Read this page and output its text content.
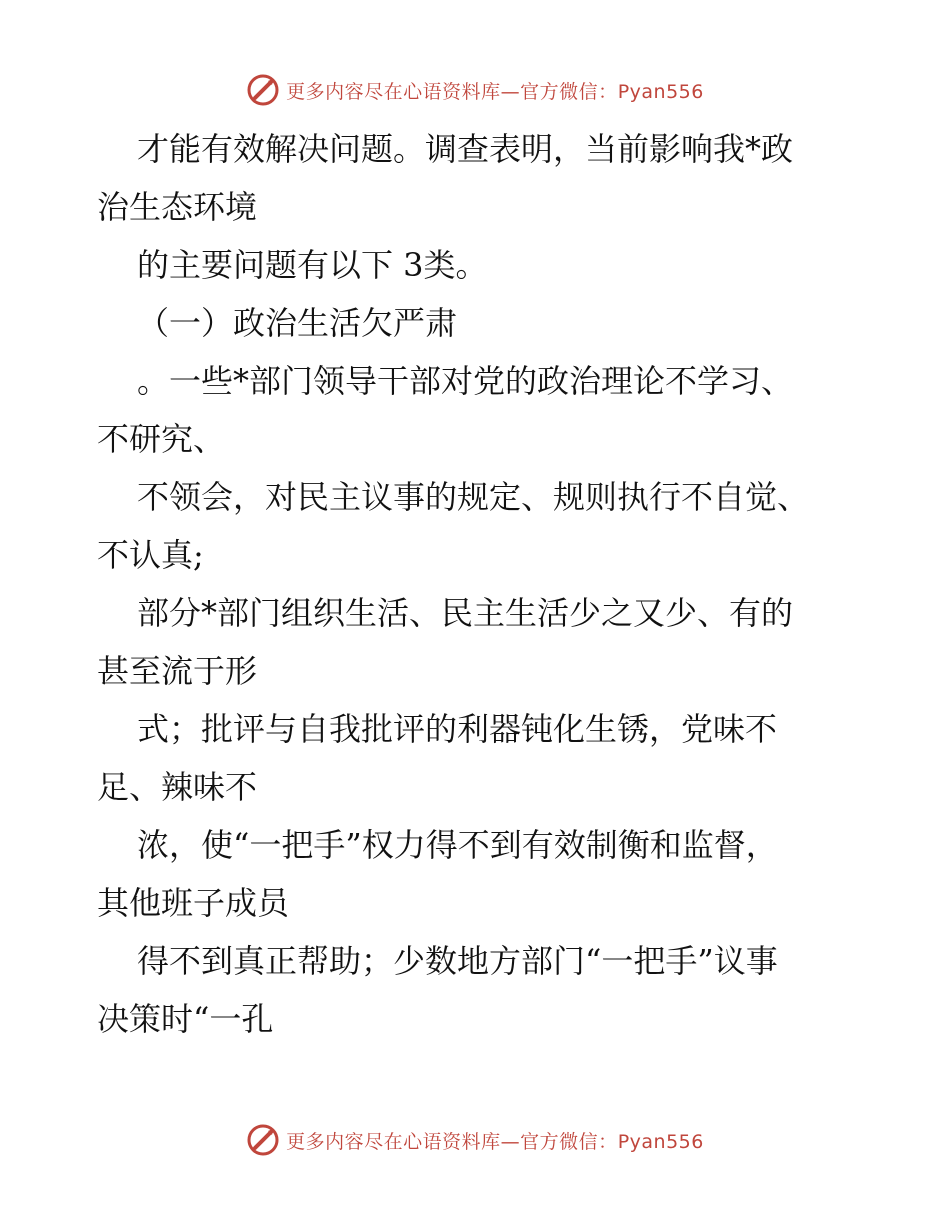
更多内容尽在心语资料库—官方微信：Pyan556
才能有效解决问题。调查表明，当前影响我*政
治生态环境
的主要问题有以下 3类。
（一）政治生活欠严肃
。一些*部门领导干部对党的政治理论不学习、
不研究、
不领会，对民主议事的规定、规则执行不自觉、
不认真;
部分*部门组织生活、民主生活少之又少、有的
甚至流于形
式；批评与自我批评的利器钝化生锈，党味不
足、辣味不
浓，使“一把手”权力得不到有效制衡和监督，
其他班子成员
得不到真正帮助；少数地方部门“一把手”议事
决策时“一孔
更多内容尽在心语资料库—官方微信：Pyan556
